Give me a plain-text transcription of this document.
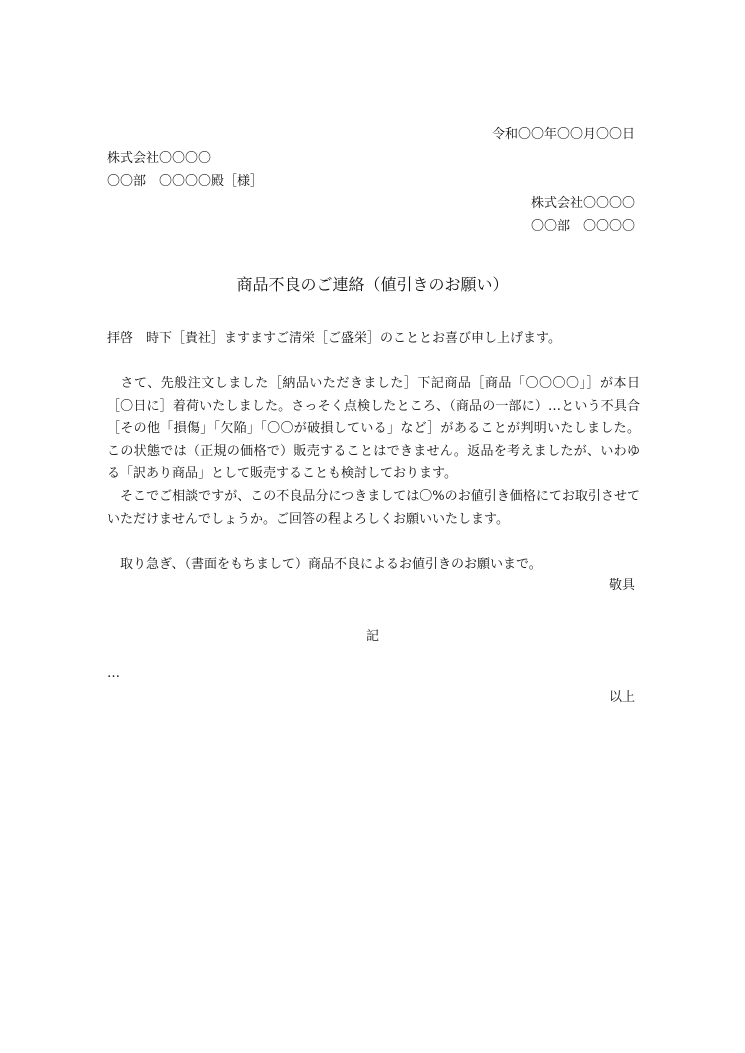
令和〇〇年〇〇月〇〇日
株式会社〇〇〇〇
〇〇部　〇〇〇〇殿［様］
株式会社〇〇〇〇
〇〇部　〇〇〇〇
商品不良のご連絡（値引きのお願い）
拝啓　時下［貴社］ますますご清栄［ご盛栄］のこととお喜び申し上げます。
　さて、先般注文しました［納品いただきました］下記商品［商品「〇〇〇〇」］が本日［〇日に］着荷いたしました。さっそく点検したところ、（商品の一部に）…という不具合［その他「損傷」「欠陥」「〇〇が破損している」など］があることが判明いたしました。この状態では（正規の価格で）販売することはできません。返品を考えましたが、いわゆる「訳あり商品」として販売することも検討しております。
　そこでご相談ですが、この不良品分につきましては〇%のお値引き価格にてお取引させていただけませんでしょうか。ご回答の程よろしくお願いいたします。
　取り急ぎ、（書面をもちまして）商品不良によるお値引きのお願いまで。
敬具
記
…
以上
